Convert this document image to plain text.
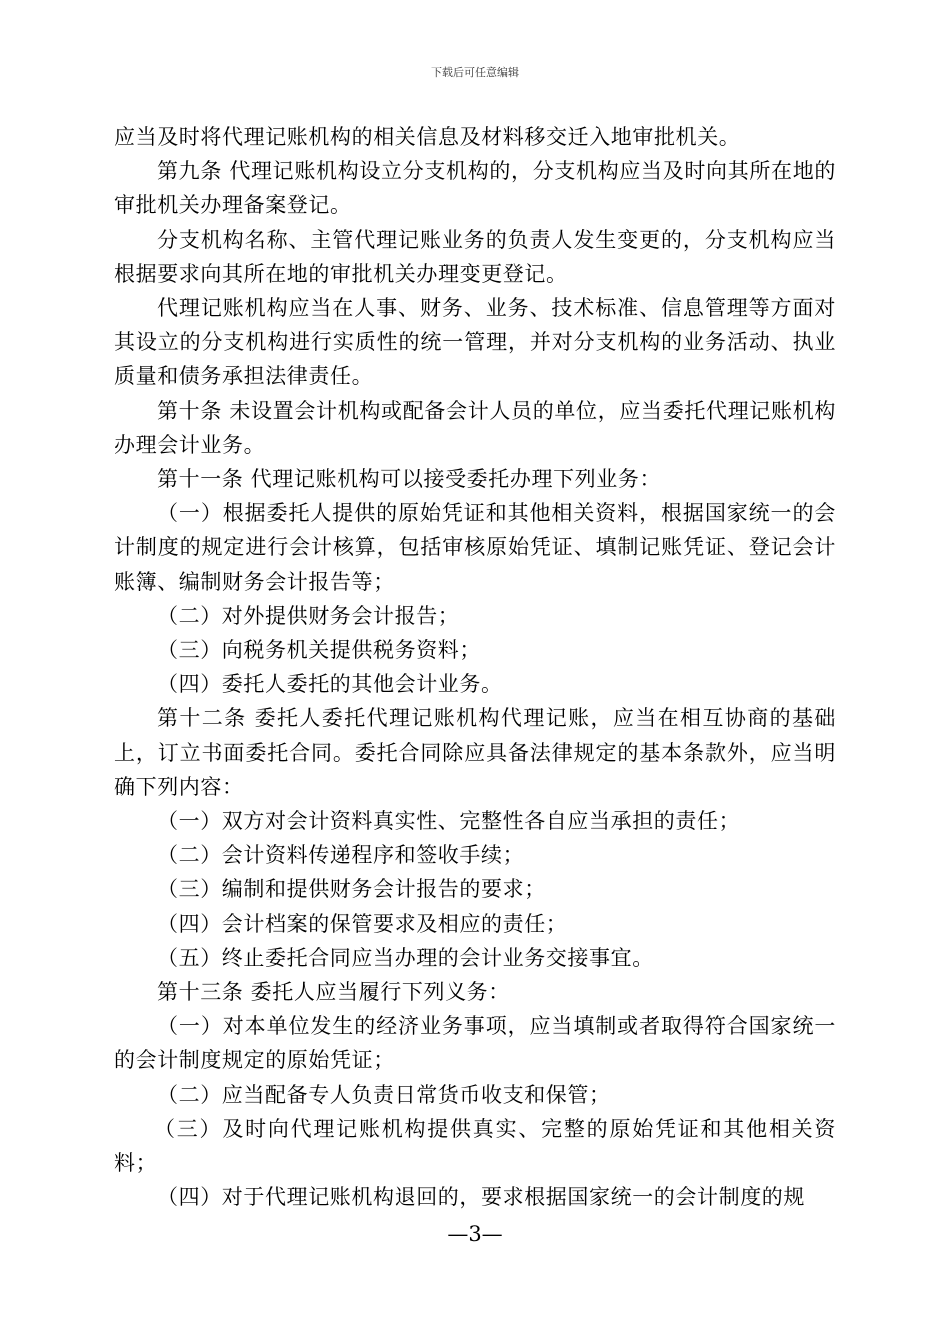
下载后可任意编辑

应当及时将代理记账机构的相关信息及材料移交迁入地审批机关。

第九条 代理记账机构设立分支机构的，分支机构应当及时向其所在地的审批机关办理备案登记。

分支机构名称、主管代理记账业务的负责人发生变更的，分支机构应当根据要求向其所在地的审批机关办理变更登记。

代理记账机构应当在人事、财务、业务、技术标准、信息管理等方面对其设立的分支机构进行实质性的统一管理，并对分支机构的业务活动、执业质量和债务承担法律责任。

第十条 未设置会计机构或配备会计人员的单位，应当委托代理记账机构办理会计业务。

第十一条 代理记账机构可以接受委托办理下列业务：

（一）根据委托人提供的原始凭证和其他相关资料，根据国家统一的会计制度的规定进行会计核算，包括审核原始凭证、填制记账凭证、登记会计账簿、编制财务会计报告等；

（二）对外提供财务会计报告；

（三）向税务机关提供税务资料；

（四）委托人委托的其他会计业务。

第十二条 委托人委托代理记账机构代理记账，应当在相互协商的基础上，订立书面委托合同。委托合同除应具备法律规定的基本条款外，应当明确下列内容：

（一）双方对会计资料真实性、完整性各自应当承担的责任；

（二）会计资料传递程序和签收手续；

（三）编制和提供财务会计报告的要求；

（四）会计档案的保管要求及相应的责任；

（五）终止委托合同应当办理的会计业务交接事宜。

第十三条 委托人应当履行下列义务：

（一）对本单位发生的经济业务事项，应当填制或者取得符合国家统一的会计制度规定的原始凭证；

（二）应当配备专人负责日常货币收支和保管；

（三）及时向代理记账机构提供真实、完整的原始凭证和其他相关资料；

（四）对于代理记账机构退回的，要求根据国家统一的会计制度的规

—3—
